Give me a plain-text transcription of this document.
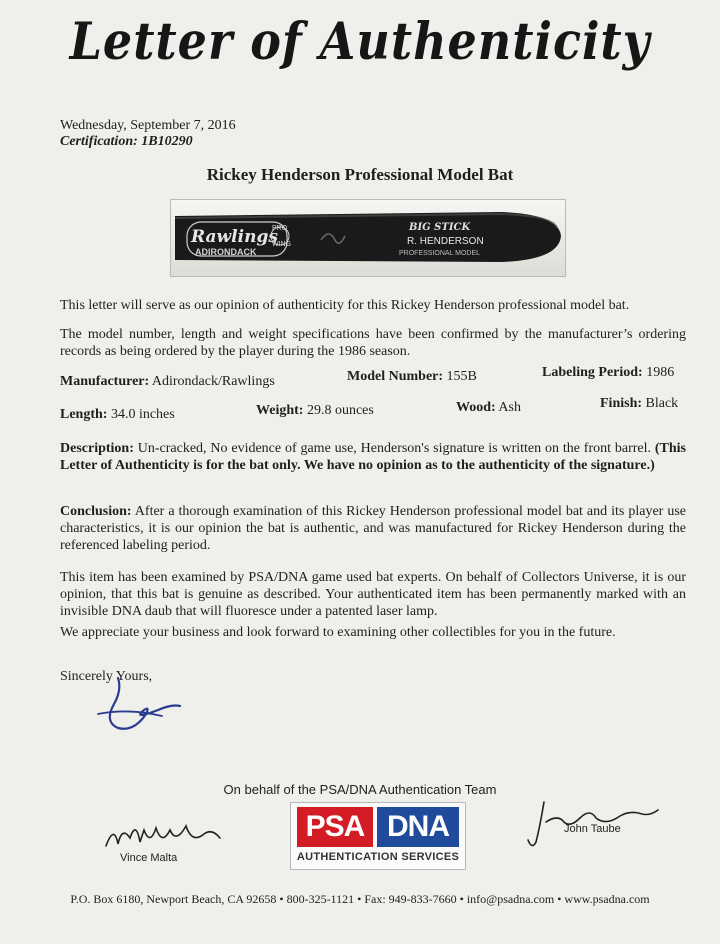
Letter of Authenticity
Wednesday, September 7, 2016
Certification: 1B10290
Rickey Henderson Professional Model Bat
Rawlings
PRO
WING
ADIRONDACK
BIG STICK
R. HENDERSON
PROFESSIONAL MODEL
This letter will serve as our opinion of authenticity for this Rickey Henderson professional model bat.
The model number, length and weight specifications have been confirmed by the manufacturer’s ordering records as being ordered by the player during the 1986 season.
Manufacturer: Adirondack/Rawlings	Model Number: 155B	Labeling Period: 1986
Length: 34.0 inches	Weight: 29.8 ounces	Wood: Ash	Finish: Black
Description: Un-cracked, No evidence of game use, Henderson's signature is written on the front barrel. (This Letter of Authenticity is for the bat only. We have no opinion as to the authenticity of the signature.)
Conclusion: After a thorough examination of this Rickey Henderson professional model bat and its player use characteristics, it is our opinion the bat is authentic, and was manufactured for Rickey Henderson during the referenced labeling period.
This item has been examined by PSA/DNA game used bat experts. On behalf of Collectors Universe, it is our opinion, that this bat is genuine as described. Your authenticated item has been permanently marked with an invisible DNA daub that will fluoresce under a patented laser lamp.
We appreciate your business and look forward to examining other collectibles for you in the future.
Sincerely Yours,
On behalf of the PSA/DNA Authentication Team
PSA DNA
AUTHENTICATION SERVICES
Vince Malta
John Taube
P.O. Box 6180, Newport Beach, CA 92658 • 800-325-1121 • Fax: 949-833-7660 • info@psadna.com • www.psadna.com
